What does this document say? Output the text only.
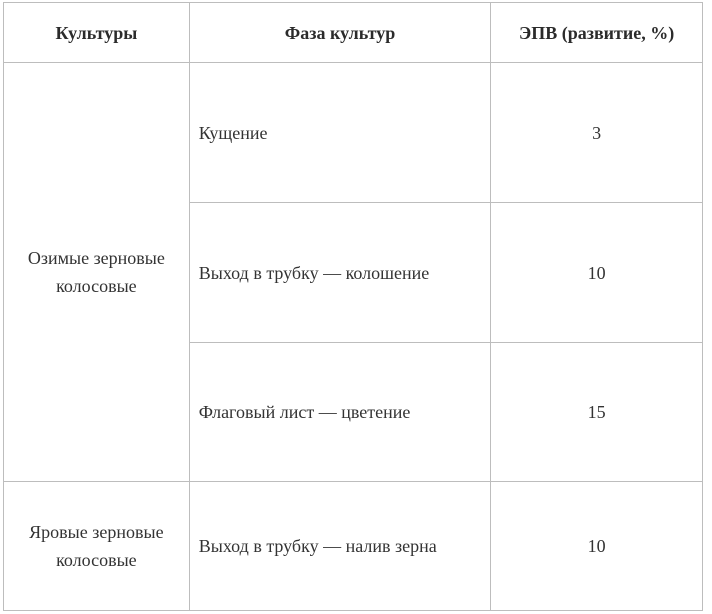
Культуры	Фаза культур	ЭПВ (развитие, %)
Озимые зерновые колосовые	Кущение	3
	Выход в трубку — колошение	10
	Флаговый лист — цветение	15
Яровые зерновые колосовые	Выход в трубку — налив зерна	10
